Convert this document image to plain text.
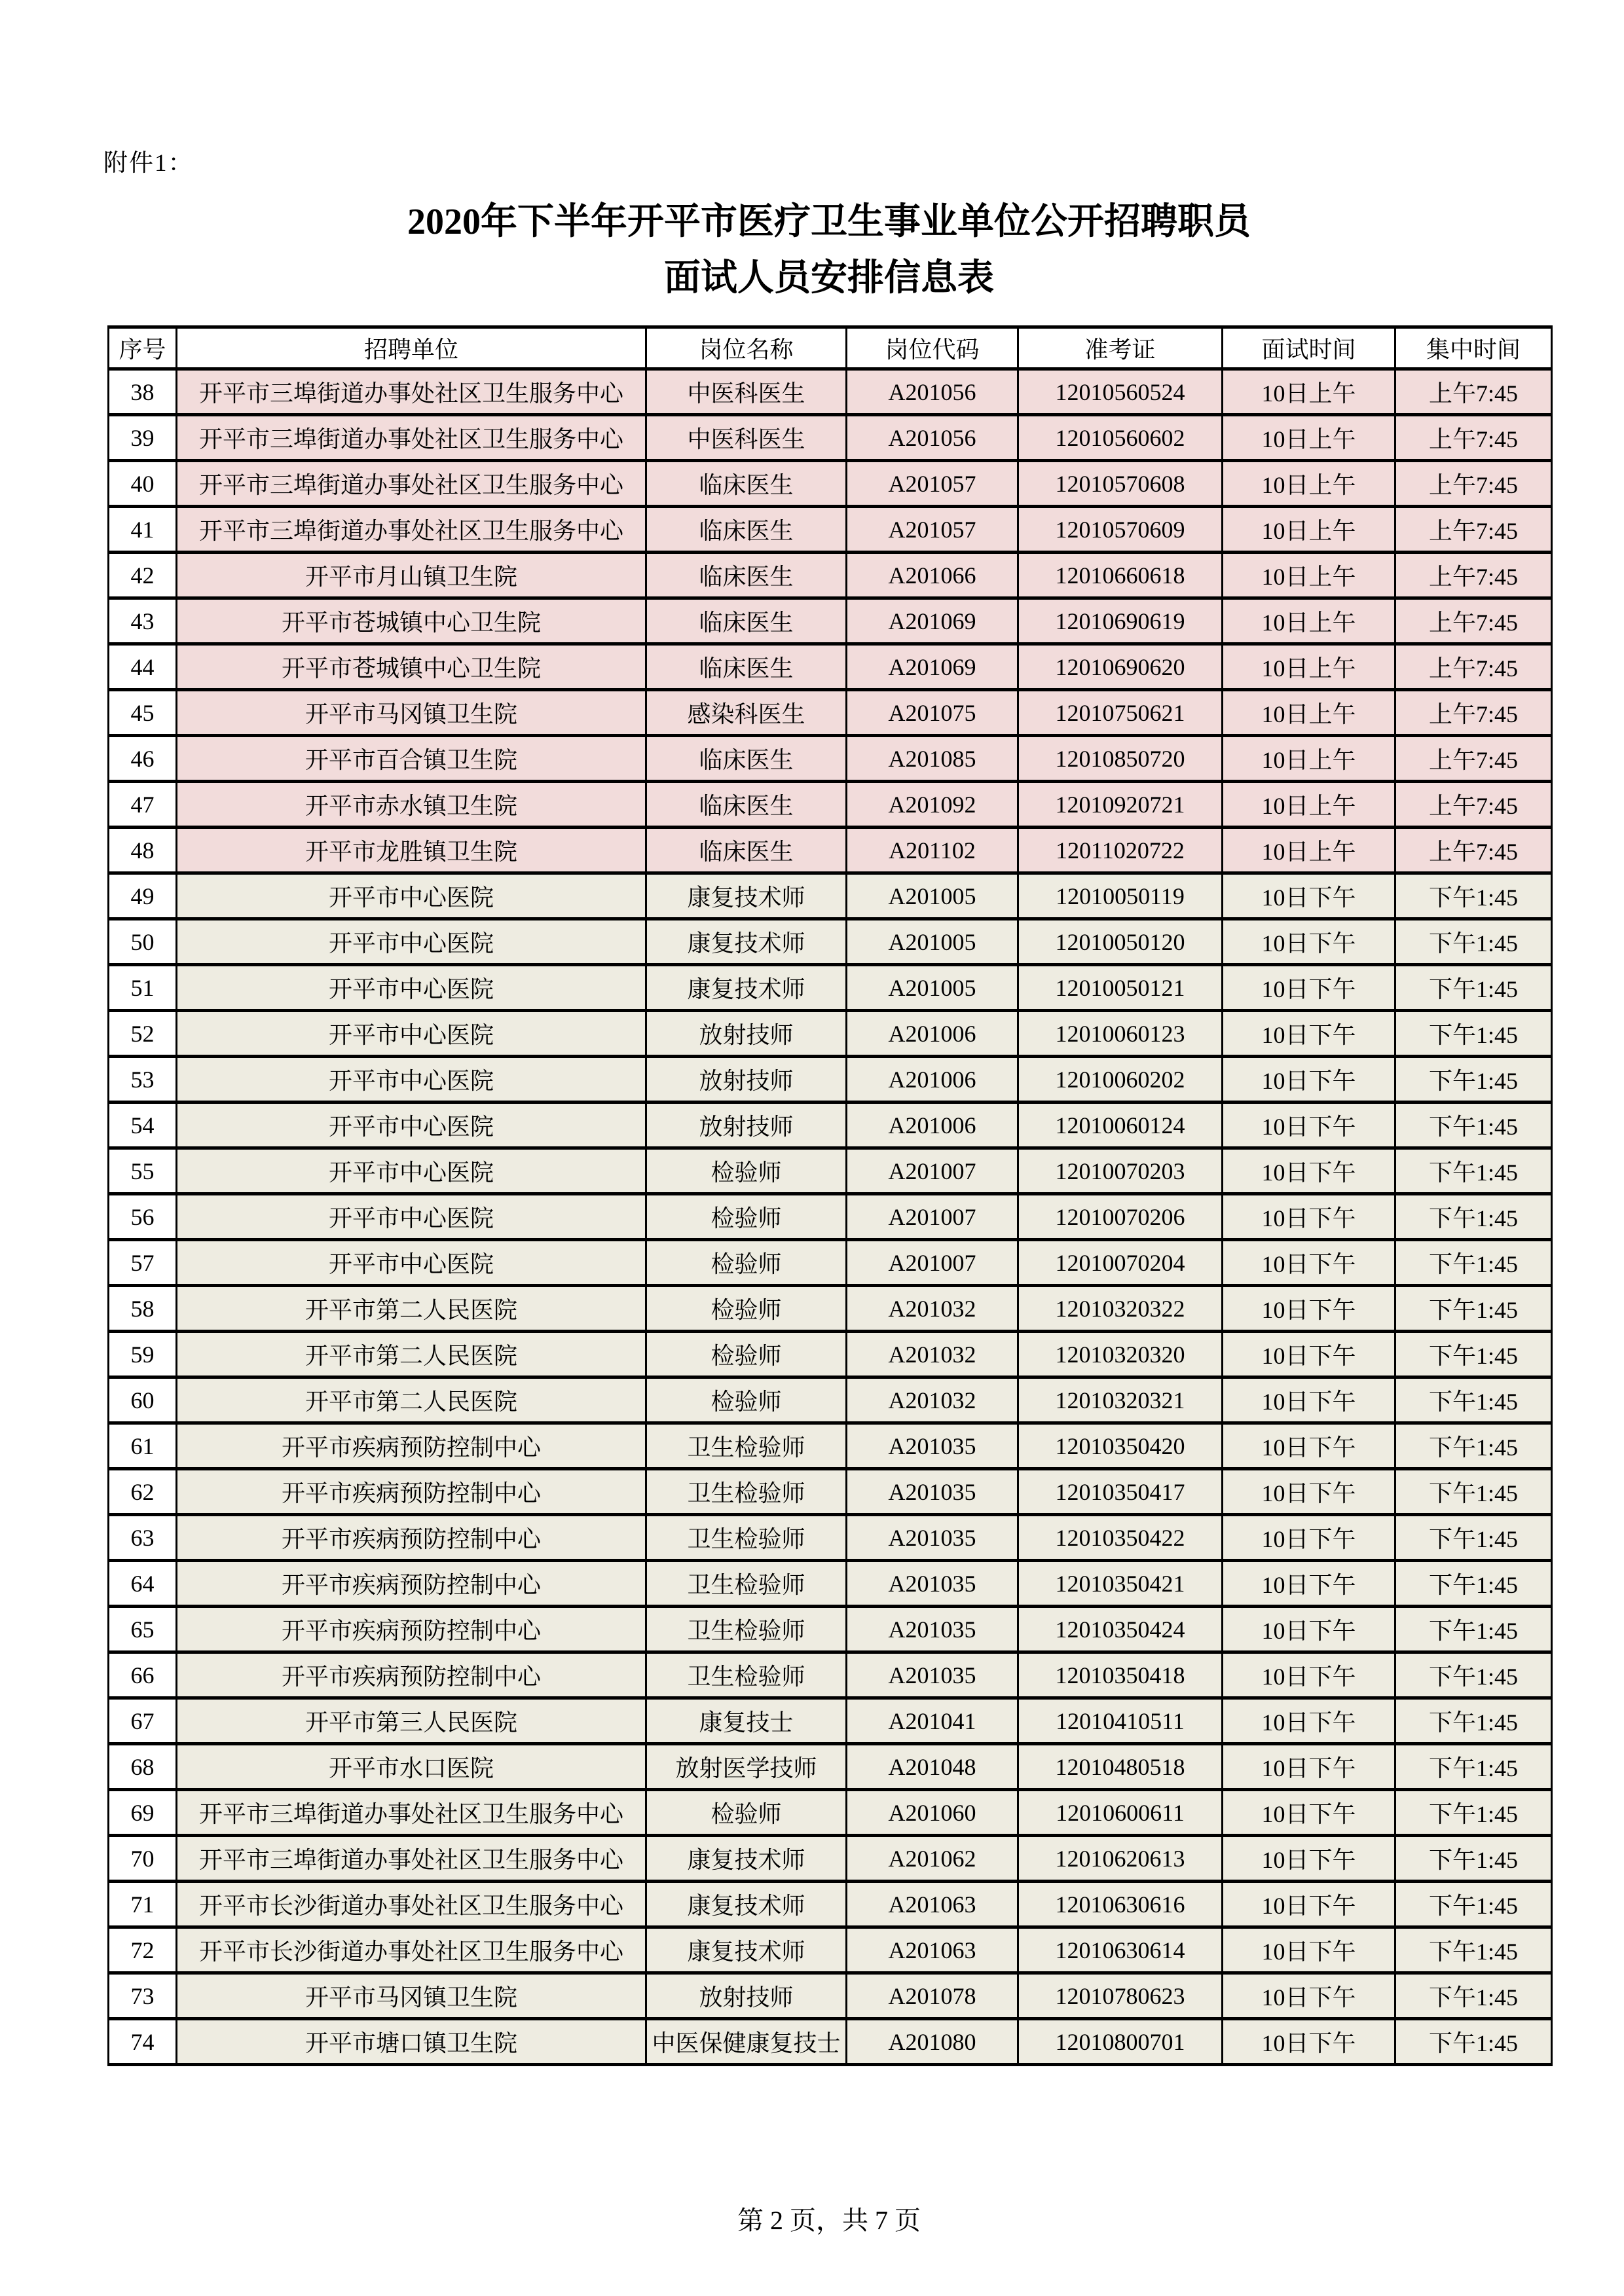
附件1：
2020年下半年开平市医疗卫生事业单位公开招聘职员
面试人员安排信息表
序号	招聘单位	岗位名称	岗位代码	准考证	面试时间	集中时间
38	开平市三埠街道办事处社区卫生服务中心	中医科医生	A201056	12010560524	10日上午	上午7:45
39	开平市三埠街道办事处社区卫生服务中心	中医科医生	A201056	12010560602	10日上午	上午7:45
40	开平市三埠街道办事处社区卫生服务中心	临床医生	A201057	12010570608	10日上午	上午7:45
41	开平市三埠街道办事处社区卫生服务中心	临床医生	A201057	12010570609	10日上午	上午7:45
42	开平市月山镇卫生院	临床医生	A201066	12010660618	10日上午	上午7:45
43	开平市苍城镇中心卫生院	临床医生	A201069	12010690619	10日上午	上午7:45
44	开平市苍城镇中心卫生院	临床医生	A201069	12010690620	10日上午	上午7:45
45	开平市马冈镇卫生院	感染科医生	A201075	12010750621	10日上午	上午7:45
46	开平市百合镇卫生院	临床医生	A201085	12010850720	10日上午	上午7:45
47	开平市赤水镇卫生院	临床医生	A201092	12010920721	10日上午	上午7:45
48	开平市龙胜镇卫生院	临床医生	A201102	12011020722	10日上午	上午7:45
49	开平市中心医院	康复技术师	A201005	12010050119	10日下午	下午1:45
50	开平市中心医院	康复技术师	A201005	12010050120	10日下午	下午1:45
51	开平市中心医院	康复技术师	A201005	12010050121	10日下午	下午1:45
52	开平市中心医院	放射技师	A201006	12010060123	10日下午	下午1:45
53	开平市中心医院	放射技师	A201006	12010060202	10日下午	下午1:45
54	开平市中心医院	放射技师	A201006	12010060124	10日下午	下午1:45
55	开平市中心医院	检验师	A201007	12010070203	10日下午	下午1:45
56	开平市中心医院	检验师	A201007	12010070206	10日下午	下午1:45
57	开平市中心医院	检验师	A201007	12010070204	10日下午	下午1:45
58	开平市第二人民医院	检验师	A201032	12010320322	10日下午	下午1:45
59	开平市第二人民医院	检验师	A201032	12010320320	10日下午	下午1:45
60	开平市第二人民医院	检验师	A201032	12010320321	10日下午	下午1:45
61	开平市疾病预防控制中心	卫生检验师	A201035	12010350420	10日下午	下午1:45
62	开平市疾病预防控制中心	卫生检验师	A201035	12010350417	10日下午	下午1:45
63	开平市疾病预防控制中心	卫生检验师	A201035	12010350422	10日下午	下午1:45
64	开平市疾病预防控制中心	卫生检验师	A201035	12010350421	10日下午	下午1:45
65	开平市疾病预防控制中心	卫生检验师	A201035	12010350424	10日下午	下午1:45
66	开平市疾病预防控制中心	卫生检验师	A201035	12010350418	10日下午	下午1:45
67	开平市第三人民医院	康复技士	A201041	12010410511	10日下午	下午1:45
68	开平市水口医院	放射医学技师	A201048	12010480518	10日下午	下午1:45
69	开平市三埠街道办事处社区卫生服务中心	检验师	A201060	12010600611	10日下午	下午1:45
70	开平市三埠街道办事处社区卫生服务中心	康复技术师	A201062	12010620613	10日下午	下午1:45
71	开平市长沙街道办事处社区卫生服务中心	康复技术师	A201063	12010630616	10日下午	下午1:45
72	开平市长沙街道办事处社区卫生服务中心	康复技术师	A201063	12010630614	10日下午	下午1:45
73	开平市马冈镇卫生院	放射技师	A201078	12010780623	10日下午	下午1:45
74	开平市塘口镇卫生院	中医保健康复技士	A201080	12010800701	10日下午	下午1:45
第 2 页，共 7 页
